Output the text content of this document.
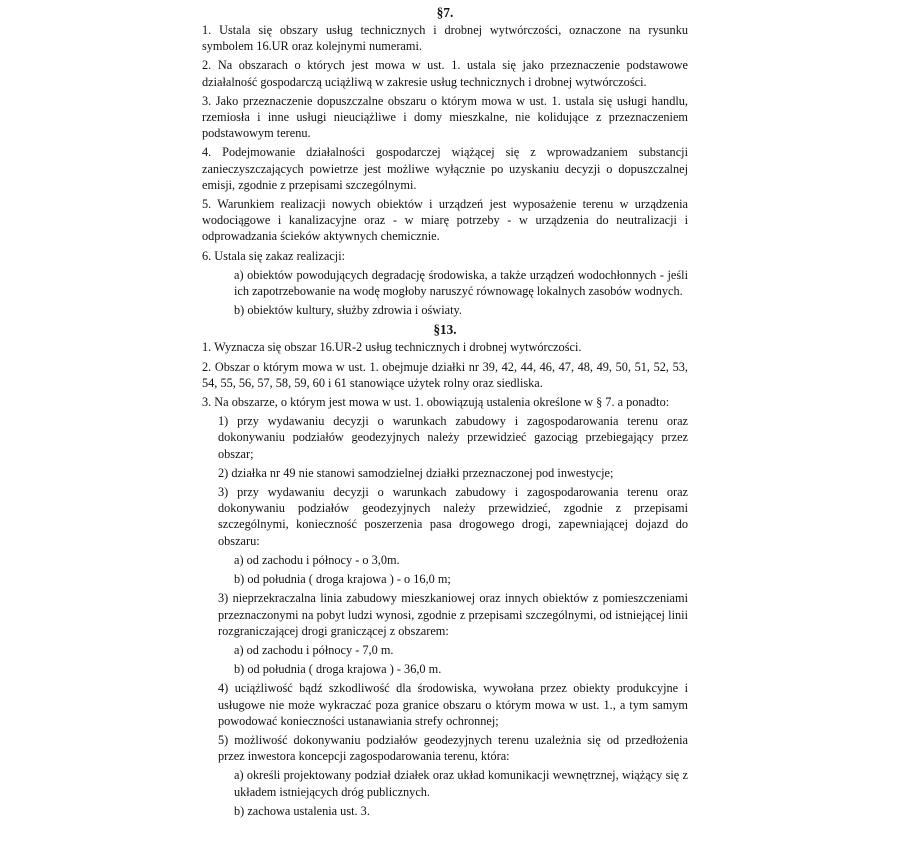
§7.

1. Ustala się obszary usług technicznych i drobnej wytwórczości, oznaczone na rysunku symbolem 16.UR oraz kolejnymi numerami.

2. Na obszarach o których jest mowa w ust. 1. ustala się jako przeznaczenie podstawowe działalność gospodarczą uciążliwą w zakresie usług technicznych i drobnej wytwórczości.

3. Jako przeznaczenie dopuszczalne obszaru o którym mowa w ust. 1. ustala się usługi handlu, rzemiosła i inne usługi nieuciążliwe i domy mieszkalne, nie kolidujące z przeznaczeniem podstawowym terenu.

4. Podejmowanie działalności gospodarczej wiążącej się z wprowadzaniem substancji zanieczyszczających powietrze jest możliwe wyłącznie po uzyskaniu decyzji o dopuszczalnej emisji, zgodnie z przepisami szczególnymi.

5. Warunkiem realizacji nowych obiektów i urządzeń jest wyposażenie terenu w urządzenia wodociągowe i kanalizacyjne oraz - w miarę potrzeby - w urządzenia do neutralizacji i odprowadzania ścieków aktywnych chemicznie.

6. Ustala się zakaz realizacji:

a) obiektów powodujących degradację środowiska, a także urządzeń wodochłonnych - jeśli ich zapotrzebowanie na wodę mogłoby naruszyć równowagę lokalnych zasobów wodnych.

b) obiektów kultury, służby zdrowia i oświaty.

§13.

1. Wyznacza się obszar 16.UR-2 usług technicznych i drobnej wytwórczości.

2. Obszar o którym mowa w ust. 1. obejmuje działki nr 39, 42, 44, 46, 47, 48, 49, 50, 51, 52, 53, 54, 55, 56, 57, 58, 59, 60 i 61 stanowiące użytek rolny oraz siedliska.

3. Na obszarze, o którym jest mowa w ust. 1. obowiązują ustalenia określone w § 7. a ponadto:

1) przy wydawaniu decyzji o warunkach zabudowy i zagospodarowania terenu oraz dokonywaniu podziałów geodezyjnych należy przewidzieć gazociąg przebiegający przez obszar;

2) działka nr 49 nie stanowi samodzielnej działki przeznaczonej pod inwestycje;

3) przy wydawaniu decyzji o warunkach zabudowy i zagospodarowania terenu oraz dokonywaniu podziałów geodezyjnych należy przewidzieć, zgodnie z przepisami szczególnymi, konieczność poszerzenia pasa drogowego drogi, zapewniającej dojazd do obszaru:

a) od zachodu i północy - o 3,0m.

b) od południa ( droga krajowa ) - o 16,0 m;

3) nieprzekraczalna linia zabudowy mieszkaniowej oraz innych obiektów z pomieszczeniami przeznaczonymi na pobyt ludzi wynosi, zgodnie z przepisami szczególnymi, od istniejącej linii rozgraniczającej drogi graniczącej z obszarem:

a) od zachodu i północy - 7,0 m.

b) od południa ( droga krajowa ) - 36,0 m.

4) uciążliwość bądź szkodliwość dla środowiska, wywołana przez obiekty produkcyjne i usługowe nie może wykraczać poza granice obszaru o którym mowa w ust. 1., a tym samym powodować konieczności ustanawiania strefy ochronnej;

5) możliwość dokonywaniu podziałów geodezyjnych terenu uzależnia się od przedłożenia przez inwestora koncepcji zagospodarowania terenu, która:

a) określi projektowany podział działek oraz układ komunikacji wewnętrznej, wiążący się z układem istniejących dróg publicznych.

b) zachowa ustalenia ust. 3.
